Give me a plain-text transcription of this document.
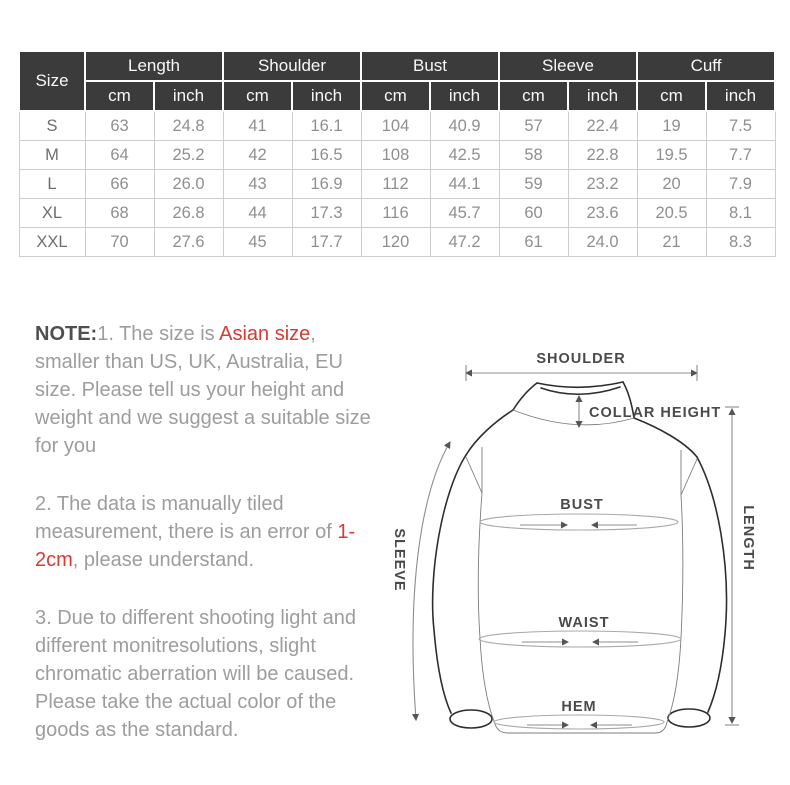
Size	Length		Shoulder		Bust		Sleeve		Cuff	
	cm	inch	cm	inch	cm	inch	cm	inch	cm	inch
S	63	24.8	41	16.1	104	40.9	57	22.4	19	7.5
M	64	25.2	42	16.5	108	42.5	58	22.8	19.5	7.7
L	66	26.0	43	16.9	112	44.1	59	23.2	20	7.9
XL	68	26.8	44	17.3	116	45.7	60	23.6	20.5	8.1
XXL	70	27.6	45	17.7	120	47.2	61	24.0	21	8.3

NOTE:1. The size is Asian size, smaller than US, UK, Australia, EU size. Please tell us your height and weight and we suggest a suitable size for you

2. The data is manually tiled measurement, there is an error of 1-2cm, please understand.

3. Due to different shooting light and different monitresolutions, slight chromatic aberration will be caused. Please take the actual color of the goods as the standard.

SHOULDER
COLLAR HEIGHT
BUST
WAIST
HEM
LENGTH
SLEEVE
